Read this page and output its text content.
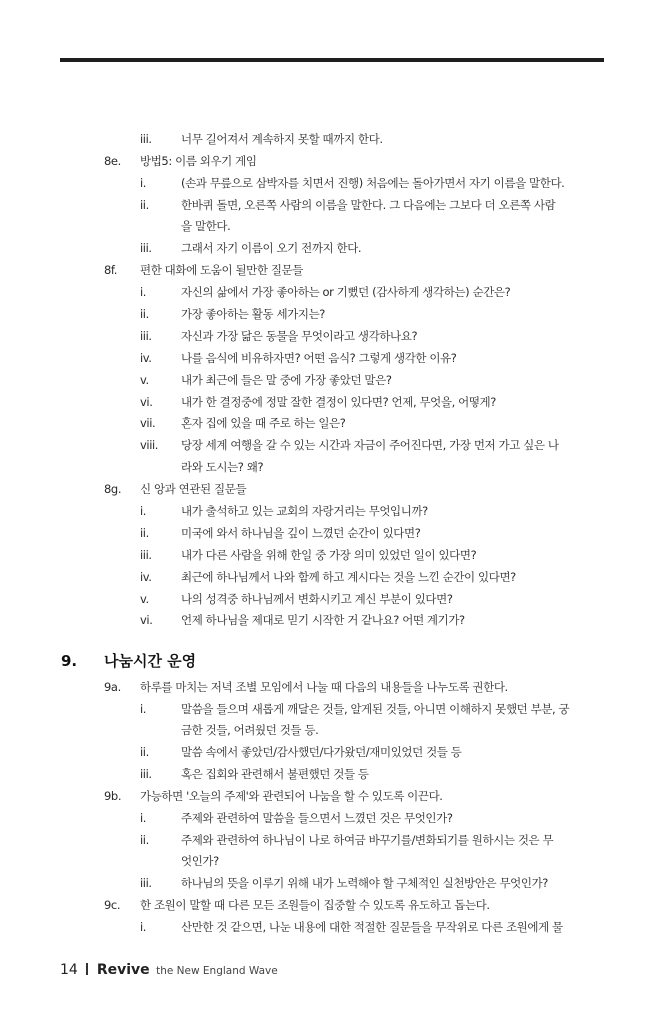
iii.	너무 길어져서 계속하지 못할 때까지 한다.
8e. 방법5: 이름 외우기 게임
i.	(손과 무릎으로 삼박자를 치면서 진행) 처음에는 돌아가면서 자기 이름을 말한다.
ii.	한바퀴 돌면, 오른쪽 사람의 이름을 말한다. 그 다음에는 그보다 더 오른쪽 사람
을 말한다.
iii.	그래서 자기 이름이 오기 전까지 한다.
8f. 편한 대화에 도움이 될만한 질문들
i.	자신의 삶에서 가장 좋아하는 or 기뻤던 (감사하게 생각하는) 순간은?
ii.	가장 좋아하는 활동 세가지는?
iii.	자신과 가장 닮은 동물을 무엇이라고 생각하나요?
iv.	나를 음식에 비유하자면? 어떤 음식? 그렇게 생각한 이유?
v.	내가 최근에 들은 말 중에 가장 좋았던 말은?
vi. 내가 한 결정중에 정말 잘한 결정이 있다면? 언제, 무엇을, 어떻게?
vii. 혼자 집에 있을 때 주로 하는 일은?
viii. 당장 세계 여행을 갈 수 있는 시간과 자금이 주어진다면, 가장 먼저 가고 싶은 나
라와 도시는? 왜?
8g. 신 앙과 연관된 질문들
i.	내가 출석하고 있는 교회의 자랑거리는 무엇입니까?
ii.	미국에 와서 하나님을 깊이 느꼈던 순간이 있다면?
iii.	내가 다른 사람을 위해 한일 중 가장 의미 있었던 일이 있다면?
iv.	최근에 하나님께서 나와 함께 하고 계시다는 것을 느낀 순간이 있다면?
v.	나의 성격중 하나님께서 변화시키고 계신 부분이 있다면?
vi. 언제 하나님을 제대로 믿기 시작한 거 같나요? 어떤 계기가?
9. 나눔시간 운영
9a. 하루를 마치는 저녁 조별 모임에서 나눌 때 다음의 내용들을 나누도록 권한다.
i.	말씀을 들으며 새롭게 깨달은 것들, 알게된 것들, 아니면 이해하지 못했던 부분, 궁
금한 것들, 어려웠던 것들 등.
ii.	말씀 속에서 좋았던/감사했던/다가왔던/재미있었던 것들 등
iii.	혹은 집회와 관련해서 불편했던 것들 등
9b. 가능하면 '오늘의 주제'와 관련되어 나눔을 할 수 있도록 이끈다.
i.	주제와 관련하여 말씀을 들으면서 느꼈던 것은 무엇인가?
ii.	주제와 관련하여 하나님이 나로 하여금 바꾸기를/변화되기를 원하시는 것은 무
엇인가?
iii.	하나님의 뜻을 이루기 위해 내가 노력해야 할 구체적인 실천방안은 무엇인가?
9c. 한 조원이 말할 때 다른 모든 조원들이 집중할 수 있도록 유도하고 돕는다.
i.	산만한 것 같으면, 나눈 내용에 대한 적절한 질문들을 무작위로 다른 조원에게 물
14 Revive the New England Wave
